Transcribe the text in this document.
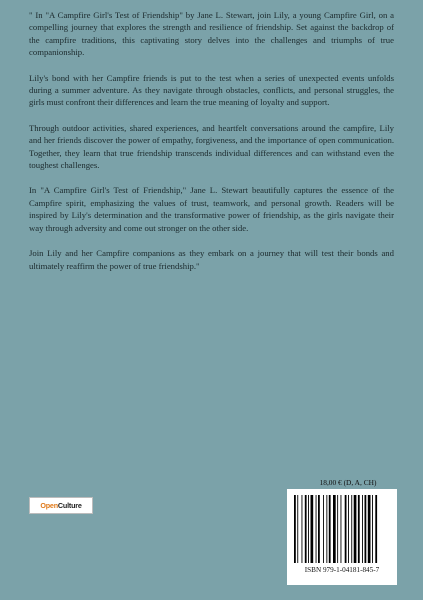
" In "A Campfire Girl's Test of Friendship" by Jane L. Stewart, join Lily, a young Campfire Girl, on a compelling journey that explores the strength and resilience of friendship. Set against the backdrop of the campfire traditions, this captivating story delves into the challenges and triumphs of true companionship.

Lily's bond with her Campfire friends is put to the test when a series of unexpected events unfolds during a summer adventure. As they navigate through obstacles, conflicts, and personal struggles, the girls must confront their differences and learn the true meaning of loyalty and support.

Through outdoor activities, shared experiences, and heartfelt conversations around the campfire, Lily and her friends discover the power of empathy, forgiveness, and the importance of open communication. Together, they learn that true friendship transcends individual differences and can withstand even the toughest challenges.

In "A Campfire Girl's Test of Friendship," Jane L. Stewart beautifully captures the essence of the Campfire spirit, emphasizing the values of trust, teamwork, and personal growth. Readers will be inspired by Lily's determination and the transformative power of friendship, as the girls navigate their way through adversity and come out stronger on the other side.

Join Lily and her Campfire companions as they embark on a journey that will test their bonds and ultimately reaffirm the power of true friendship."

OpenCulture
18,00 € (D, A, CH)
ISBN 979-1-04181-845-7
